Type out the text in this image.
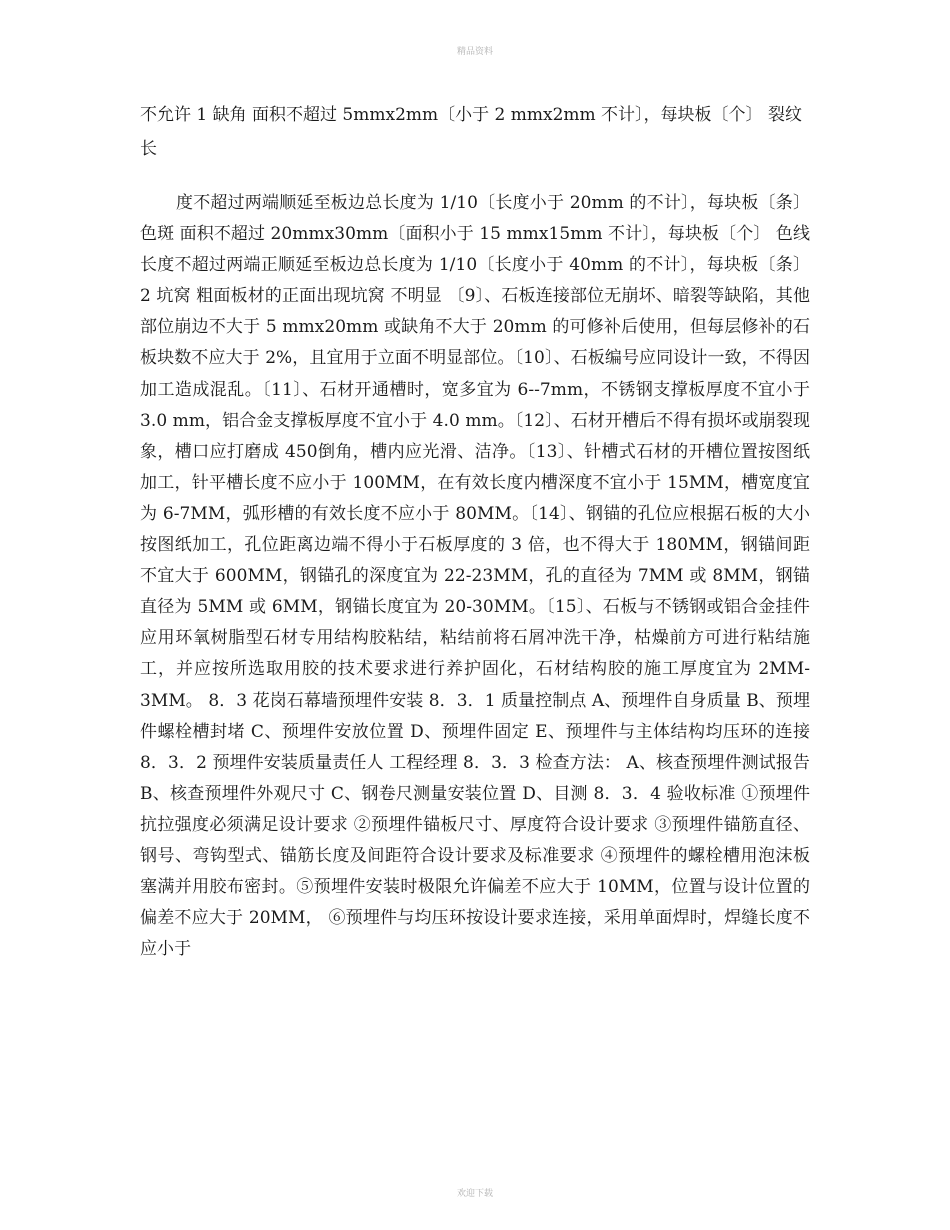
精品资料

不允许 1 缺角 面积不超过 5mmx2mm〔小于 2 mmx2mm 不计〕，每块板〔个〕 裂纹 长

度不超过两端顺延至板边总长度为 1/10〔长度小于 20mm 的不计〕，每块板〔条〕 色斑 面积不超过 20mmx30mm〔面积小于 15 mmx15mm 不计〕，每块板〔个〕 色线 长度不超过两端正顺延至板边总长度为 1/10〔长度小于 40mm 的不计〕，每块板〔条〕 2 坑窝 粗面板材的正面出现坑窝 不明显 〔9〕、石板连接部位无崩坏、暗裂等缺陷，其他部位崩边不大于 5 mmx20mm 或缺角不大于 20mm 的可修补后使用，但每层修补的石板块数不应大于 2%，且宜用于立面不明显部位。〔10〕、石板编号应同设计一致，不得因加工造成混乱。〔11〕、石材开通槽时，宽多宜为 6--7mm，不锈钢支撑板厚度不宜小于 3.0 mm，铝合金支撑板厚度不宜小于 4.0 mm。〔12〕、石材开槽后不得有损坏或崩裂现象，槽口应打磨成 450倒角，槽内应光滑、洁净。〔13〕、针槽式石材的开槽位置按图纸加工，针平槽长度不应小于 100MM，在有效长度内槽深度不宜小于 15MM，槽宽度宜为 6-7MM，弧形槽的有效长度不应小于 80MM。〔14〕、钢锚的孔位应根据石板的大小按图纸加工，孔位距离边端不得小于石板厚度的 3 倍，也不得大于 180MM，钢锚间距不宜大于 600MM，钢锚孔的深度宜为 22-23MM，孔的直径为 7MM 或 8MM，钢锚直径为 5MM 或 6MM，钢锚长度宜为 20-30MM。〔15〕、石板与不锈钢或铝合金挂件应用环氧树脂型石材专用结构胶粘结，粘结前将石屑冲洗干净，枯燥前方可进行粘结施工，并应按所选取用胶的技术要求进行养护固化，石材结构胶的施工厚度宜为 2MM-3MM。 8．3 花岗石幕墙预埋件安装 8．3．1 质量控制点 A、预埋件自身质量 B、预埋件螺栓槽封堵 C、预埋件安放位置 D、预埋件固定 E、预埋件与主体结构均压环的连接 8．3．2 预埋件安装质量责任人 工程经理 8．3．3 检查方法： A、核查预埋件测试报告 B、核查预埋件外观尺寸 C、钢卷尺测量安装位置 D、目测 8．3．4 验收标准 ①预埋件抗拉强度必须满足设计要求 ②预埋件锚板尺寸、厚度符合设计要求 ③预埋件锚筋直径、钢号、弯钩型式、锚筋长度及间距符合设计要求及标准要求 ④预埋件的螺栓槽用泡沫板塞满并用胶布密封。⑤预埋件安装时极限允许偏差不应大于 10MM，位置与设计位置的偏差不应大于 20MM， ⑥预埋件与均压环按设计要求连接，采用单面焊时，焊缝长度不应小于

欢迎下载
